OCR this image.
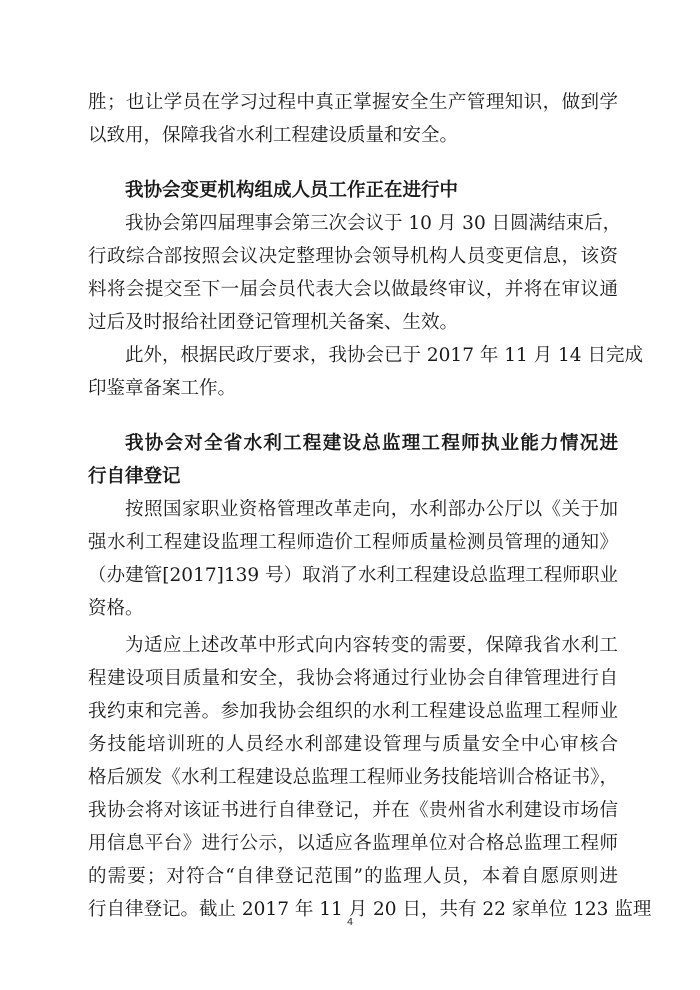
胜；也让学员在学习过程中真正掌握安全生产管理知识，做到学
以致用，保障我省水利工程建设质量和安全。
我协会变更机构组成人员工作正在进行中
我协会第四届理事会第三次会议于 10 月 30 日圆满结束后，
行政综合部按照会议决定整理协会领导机构人员变更信息，该资
料将会提交至下一届会员代表大会以做最终审议，并将在审议通
过后及时报给社团登记管理机关备案、生效。
此外，根据民政厅要求，我协会已于 2017 年 11 月 14 日完成
印鉴章备案工作。
我协会对全省水利工程建设总监理工程师执业能力情况进
行自律登记
按照国家职业资格管理改革走向，水利部办公厅以《关于加
强水利工程建设监理工程师造价工程师质量检测员管理的通知》
（办建管[2017]139 号）取消了水利工程建设总监理工程师职业
资格。
为适应上述改革中形式向内容转变的需要，保障我省水利工
程建设项目质量和安全，我协会将通过行业协会自律管理进行自
我约束和完善。参加我协会组织的水利工程建设总监理工程师业
务技能培训班的人员经水利部建设管理与质量安全中心审核合
格后颁发《水利工程建设总监理工程师业务技能培训合格证书》，
我协会将对该证书进行自律登记，并在《贵州省水利建设市场信
用信息平台》进行公示，以适应各监理单位对合格总监理工程师
的需要；对符合“自律登记范围”的监理人员，本着自愿原则进
行自律登记。截止 2017 年 11 月 20 日，共有 22 家单位 123 监理
4
